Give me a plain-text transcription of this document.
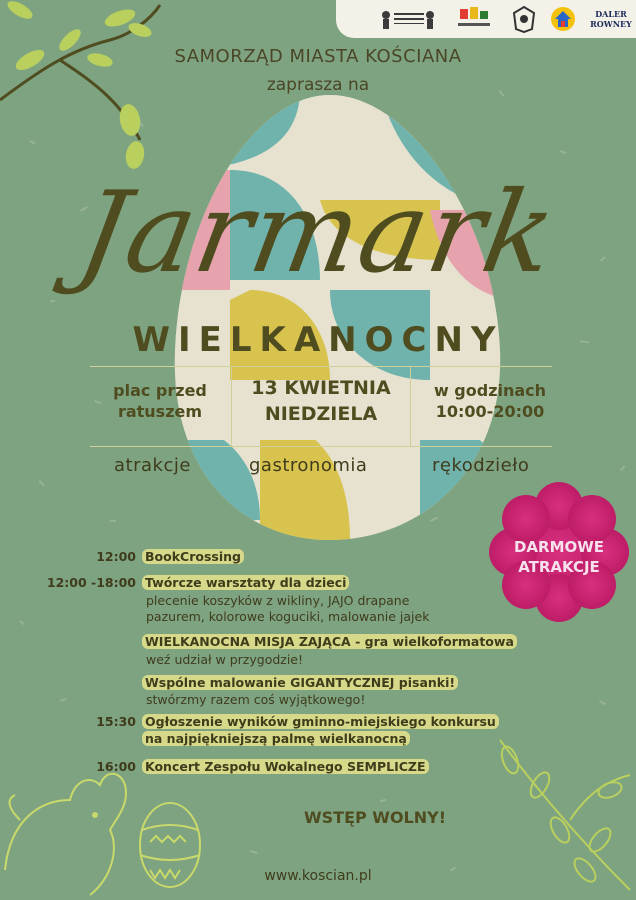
DALER
ROWNEY
SAMORZĄD MIASTA KOŚCIANA
zaprasza na
Jarmark
WIELKANOCNY
plac przed
ratuszem
13 KWIETNIA
NIEDZIELA
w godzinach
10:00-20:00
atrakcje	gastronomia	rękodzieło
DARMOWE
ATRAKCJE
12:00 BookCrossing
12:00 -18:00 Twórcze warsztaty dla dzieci
plecenie koszyków z wikliny, JAJO drapane
pazurem, kolorowe koguciki, malowanie jajek
WIELKANOCNA MISJA ZAJĄCA - gra wielkoformatowa
weź udział w przygodzie!
Wspólne malowanie GIGANTYCZNEJ pisanki!
stwórzmy razem coś wyjątkowego!
15:30 Ogłoszenie wyników gminno-miejskiego konkursu
na najpiękniejszą palmę wielkanocną
16:00 Koncert Zespołu Wokalnego SEMPLICZE
WSTĘP WOLNY!
www.koscian.pl
